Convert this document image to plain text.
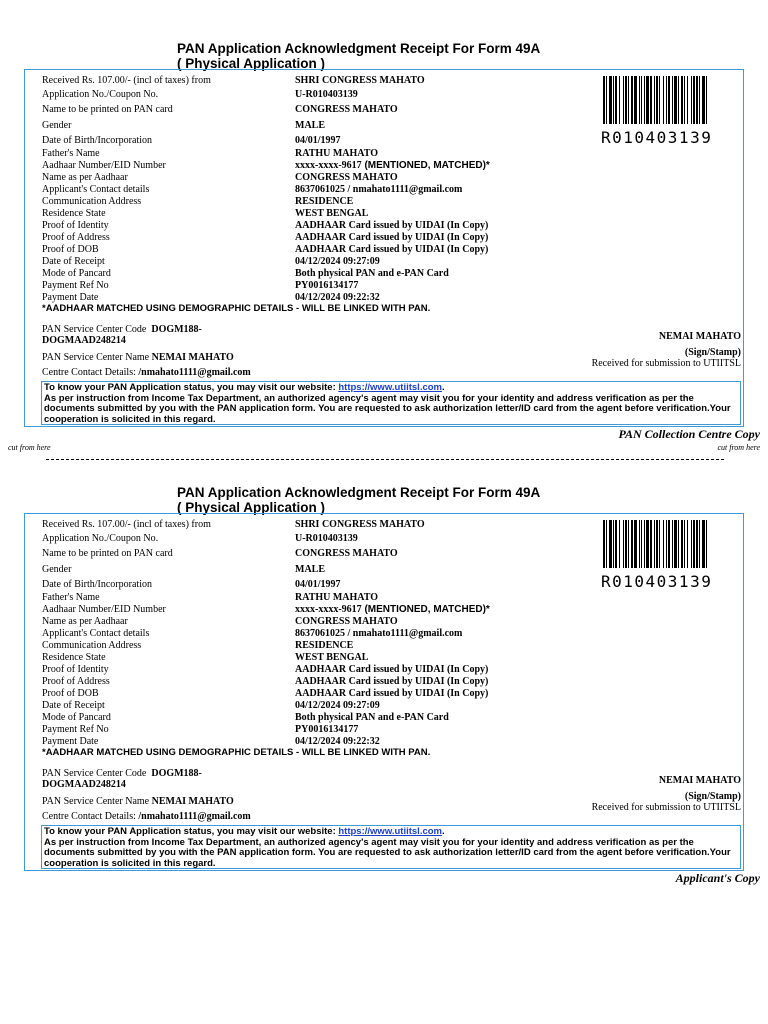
PAN Application Acknowledgment Receipt For Form 49A
( Physical Application )
Received Rs. 107.00/- (incl of taxes) from	SHRI CONGRESS MAHATO
Application No./Coupon No.	U-R010403139
Name to be printed on PAN card	CONGRESS MAHATO
Gender	MALE
Date of Birth/Incorporation	04/01/1997
Father's Name	RATHU MAHATO
Aadhaar Number/EID Number	xxxx-xxxx-9617 (MENTIONED, MATCHED)*
Name as per Aadhaar	CONGRESS MAHATO
Applicant's Contact details	8637061025 / nmahato1111@gmail.com
Communication Address	RESIDENCE
Residence State	WEST BENGAL
Proof of Identity	AADHAAR Card issued by UIDAI (In Copy)
Proof of Address	AADHAAR Card issued by UIDAI (In Copy)
Proof of DOB	AADHAAR Card issued by UIDAI (In Copy)
Date of Receipt	04/12/2024 09:27:09
Mode of Pancard	Both physical PAN and e-PAN Card
Payment Ref No	PY0016134177
Payment Date	04/12/2024 09:22:32
R010403139
*AADHAAR MATCHED USING DEMOGRAPHIC DETAILS - WILL BE LINKED WITH PAN.
PAN Service Center Code DOGM188-
DOGMAAD248214
PAN Service Center Name NEMAI MAHATO
Centre Contact Details: /nmahato1111@gmail.com
NEMAI MAHATO
(Sign/Stamp)
Received for submission to UTIITSL
To know your PAN Application status, you may visit our website: https://www.utiitsl.com.
As per instruction from Income Tax Department, an authorized agency's agent may visit you for your identity and address verification as per the documents submitted by you with the PAN application form. You are requested to ask authorization letter/ID card from the agent before verification.Your cooperation is solicited in this regard.
PAN Collection Centre Copy
cut from here	cut from here
PAN Application Acknowledgment Receipt For Form 49A
( Physical Application )
Received Rs. 107.00/- (incl of taxes) from	SHRI CONGRESS MAHATO
Application No./Coupon No.	U-R010403139
Name to be printed on PAN card	CONGRESS MAHATO
Gender	MALE
Date of Birth/Incorporation	04/01/1997
Father's Name	RATHU MAHATO
Aadhaar Number/EID Number	xxxx-xxxx-9617 (MENTIONED, MATCHED)*
Name as per Aadhaar	CONGRESS MAHATO
Applicant's Contact details	8637061025 / nmahato1111@gmail.com
Communication Address	RESIDENCE
Residence State	WEST BENGAL
Proof of Identity	AADHAAR Card issued by UIDAI (In Copy)
Proof of Address	AADHAAR Card issued by UIDAI (In Copy)
Proof of DOB	AADHAAR Card issued by UIDAI (In Copy)
Date of Receipt	04/12/2024 09:27:09
Mode of Pancard	Both physical PAN and e-PAN Card
Payment Ref No	PY0016134177
Payment Date	04/12/2024 09:22:32
R010403139
*AADHAAR MATCHED USING DEMOGRAPHIC DETAILS - WILL BE LINKED WITH PAN.
PAN Service Center Code DOGM188-
DOGMAAD248214
PAN Service Center Name NEMAI MAHATO
Centre Contact Details: /nmahato1111@gmail.com
NEMAI MAHATO
(Sign/Stamp)
Received for submission to UTIITSL
To know your PAN Application status, you may visit our website: https://www.utiitsl.com.
As per instruction from Income Tax Department, an authorized agency's agent may visit you for your identity and address verification as per the documents submitted by you with the PAN application form. You are requested to ask authorization letter/ID card from the agent before verification.Your cooperation is solicited in this regard.
Applicant's Copy
